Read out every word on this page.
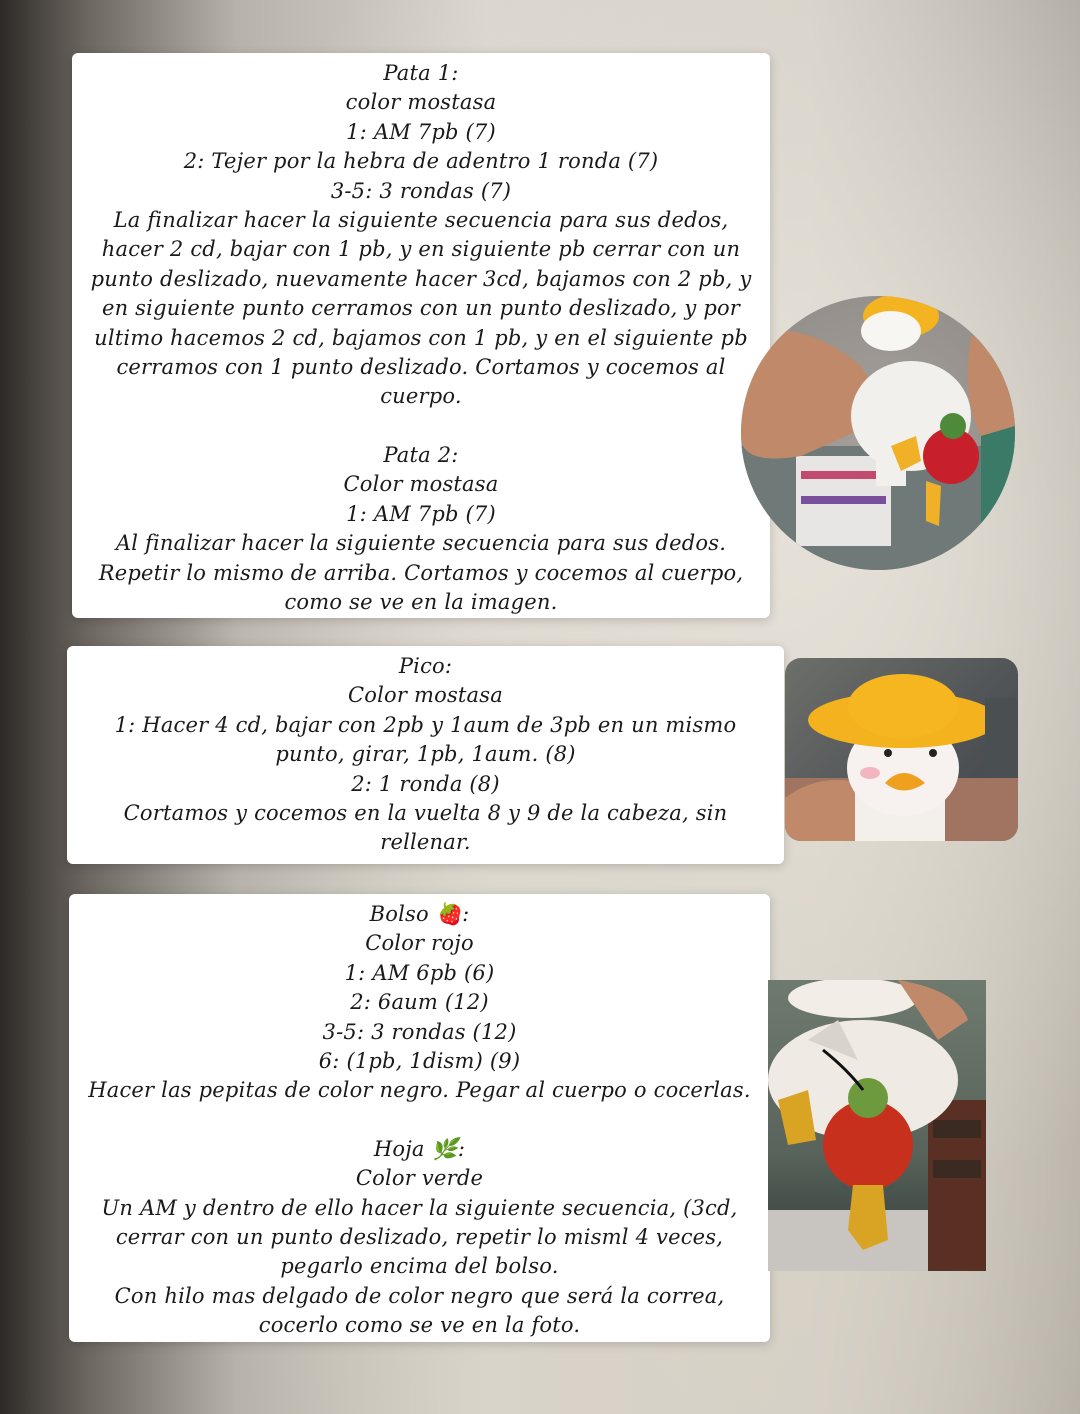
Pata 1:

color mostasa

1: AM 7pb (7)

2: Tejer por la hebra de adentro 1 ronda (7)

3-5: 3 rondas (7)

La finalizar hacer la siguiente secuencia para sus dedos,

hacer 2 cd, bajar con 1 pb, y en siguiente pb cerrar con un

punto deslizado, nuevamente hacer 3cd, bajamos con 2 pb, y

en siguiente punto cerramos con un punto deslizado, y por

ultimo hacemos 2 cd, bajamos con 1 pb, y en el siguiente pb

cerramos con 1 punto deslizado. Cortamos y cocemos al

cuerpo.

Pata 2:

Color mostasa

1: AM 7pb (7)

Al finalizar hacer la siguiente secuencia para sus dedos.

Repetir lo mismo de arriba. Cortamos y cocemos al cuerpo,

como se ve en la imagen.

Pico:

Color mostasa

1: Hacer 4 cd, bajar con 2pb y 1aum de 3pb en un mismo

punto, girar, 1pb, 1aum. (8)

2: 1 ronda (8)

Cortamos y cocemos en la vuelta 8 y 9 de la cabeza, sin

rellenar.

Bolso 🍓:

Color rojo

1: AM 6pb (6)

2: 6aum (12)

3-5: 3 rondas (12)

6: (1pb, 1dism) (9)

Hacer las pepitas de color negro. Pegar al cuerpo o cocerlas.

Hoja 🌿:

Color verde

Un AM y dentro de ello hacer la siguiente secuencia, (3cd,

cerrar con un punto deslizado, repetir lo misml 4 veces,

pegarlo encima del bolso.

Con hilo mas delgado de color negro que será la correa,

cocerlo como se ve en la foto.
